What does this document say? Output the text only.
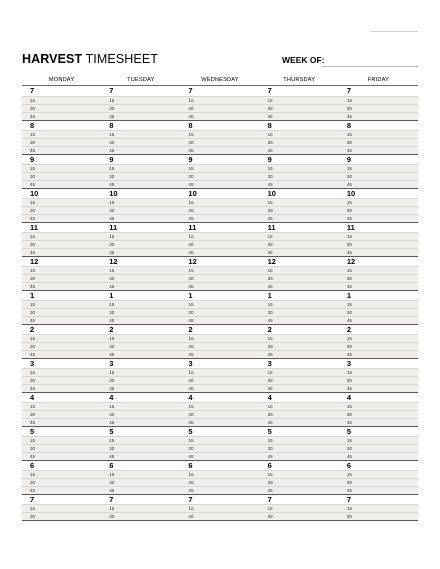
HARVEST TIMESHEET	WEEK OF:
MONDAY	TUESDAY	WEDNESDAY	THURSDAY	FRIDAY
7	7	7	7	7
15	15	15	15	15
30	30	30	30	30
45	45	45	45	45
8	8	8	8	8
15	15	15	15	15
30	30	30	30	30
45	45	45	45	45
9	9	9	9	9
15	15	15	15	15
30	30	30	30	30
45	45	45	45	45
10	10	10	10	10
15	15	15	15	15
30	30	30	30	30
45	45	45	45	45
11	11	11	11	11
15	15	15	15	15
30	30	30	30	30
45	45	45	45	45
12	12	12	12	12
15	15	15	15	15
30	30	30	30	30
45	45	45	45	45
1	1	1	1	1
15	15	15	15	15
30	30	30	30	30
45	45	45	45	45
2	2	2	2	2
15	15	15	15	15
30	30	30	30	30
45	45	45	45	45
3	3	3	3	3
15	15	15	15	15
30	30	30	30	30
45	45	45	45	45
4	4	4	4	4
15	15	15	15	15
30	30	30	30	30
45	45	45	45	45
5	5	5	5	5
15	15	15	15	15
30	30	30	30	30
45	45	45	45	45
6	6	6	6	6
15	15	15	15	15
30	30	30	30	30
45	45	45	45	45
7	7	7	7	7
15	15	15	15	15
30	30	30	30	30
